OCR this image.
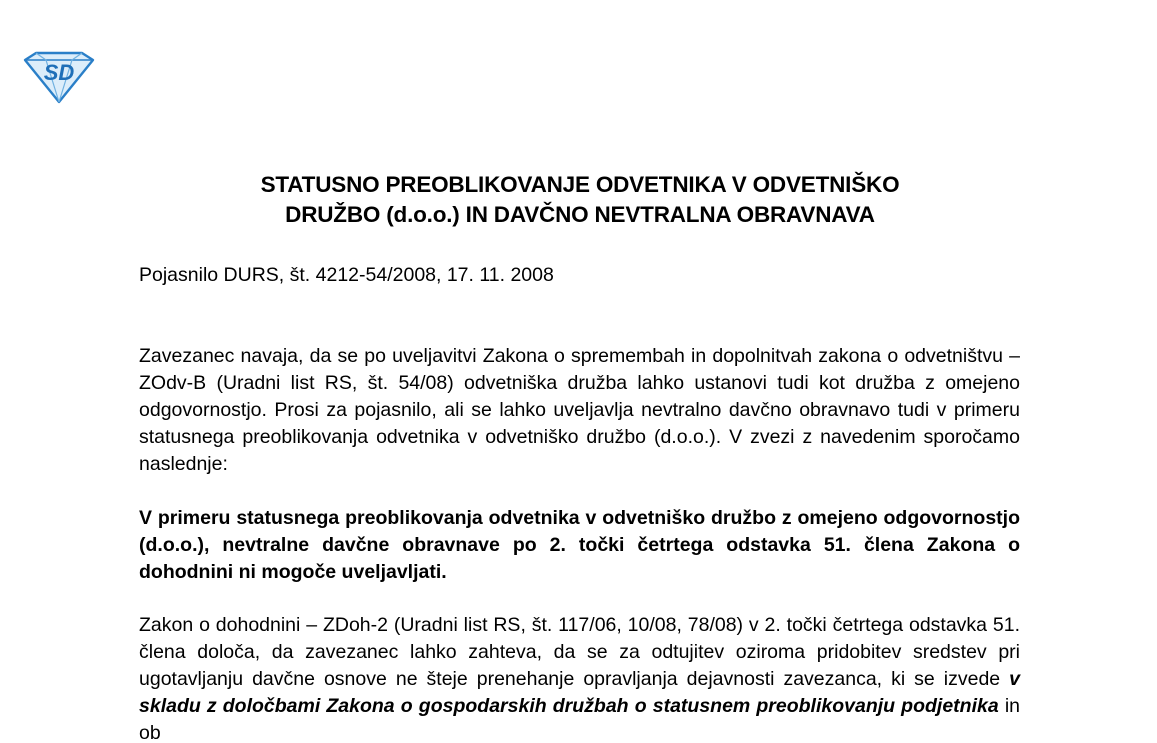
SD
STATUSNO PREOBLIKOVANJE ODVETNIKA V ODVETNIŠKO
DRUŽBO (d.o.o.) IN DAVČNO NEVTRALNA OBRAVNAVA
Pojasnilo DURS, št. 4212-54/2008, 17. 11. 2008
Zavezanec navaja, da se po uveljavitvi Zakona o spremembah in dopolnitvah zakona o odvetništvu – ZOdv-B (Uradni list RS, št. 54/08) odvetniška družba lahko ustanovi tudi kot družba z omejeno odgovornostjo. Prosi za pojasnilo, ali se lahko uveljavlja nevtralno davčno obravnavo tudi v primeru statusnega preoblikovanja odvetnika v odvetniško družbo (d.o.o.). V zvezi z navedenim sporočamo naslednje:
V primeru statusnega preoblikovanja odvetnika v odvetniško družbo z omejeno odgovornostjo (d.o.o.), nevtralne davčne obravnave po 2. točki četrtega odstavka 51. člena Zakona o dohodnini ni mogoče uveljavljati.
Zakon o dohodnini – ZDoh-2 (Uradni list RS, št. 117/06, 10/08, 78/08) v 2. točki četrtega odstavka 51. člena določa, da zavezanec lahko zahteva, da se za odtujitev oziroma pridobitev sredstev pri ugotavljanju davčne osnove ne šteje prenehanje opravljanja dejavnosti zavezanca, ki se izvede v skladu z določbami Zakona o gospodarskih družbah o statusnem preoblikovanju podjetnika in ob
